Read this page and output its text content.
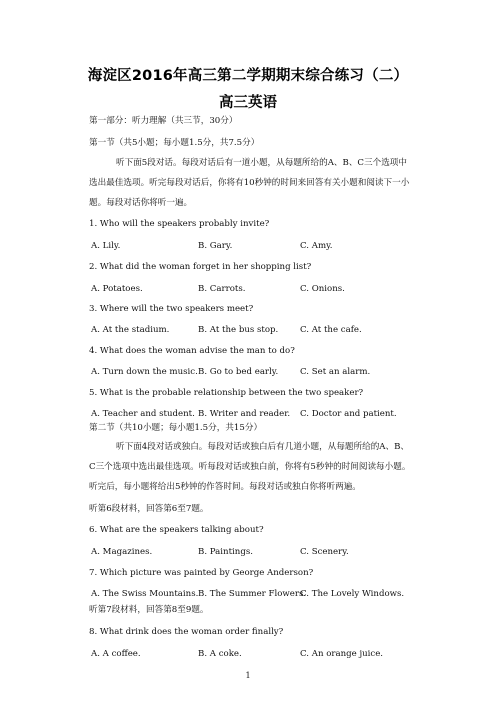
海淀区2016年高三第二学期期末综合练习（二）
高三英语
第一部分：听力理解（共三节，30分）
第一节（共5小题；每小题1.5分，共7.5分）
听下面5段对话。每段对话后有一道小题，从每题所给的A、B、C三个选项中选出最佳选项。听完每段对话后，你将有10秒钟的时间来回答有关小题和阅读下一小题。每段对话你将听一遍。
1. Who will the speakers probably invite?
A. Lily.	B. Gary.	C. Amy.
2. What did the woman forget in her shopping list?
A. Potatoes.	B. Carrots.	C. Onions.
3. Where will the two speakers meet?
A. At the stadium.	B. At the bus stop.	C. At the cafe.
4. What does the woman advise the man to do?
A. Turn down the music. B. Go to bed early.	C. Set an alarm.
5. What is the probable relationship between the two speaker?
A. Teacher and student. B. Writer and reader. C. Doctor and patient.
第二节（共10小题；每小题1.5分，共15分）
听下面4段对话或独白。每段对话或独白后有几道小题，从每题所给的A、B、C三个选项中选出最佳选项。听每段对话或独白前，你将有5秒钟的时间阅读每小题。听完后，每小题将给出5秒钟的作答时间。每段对话或独白你将听两遍。
听第6段材料，回答第6至7题。
6. What are the speakers talking about?
A. Magazines.	B. Paintings.	C. Scenery.
7. Which picture was painted by George Anderson?
A. The Swiss Mountains. B. The Summer Flowers.
C. The Lovely Windows.
听第7段材料，回答第8至9题。
8. What drink does the woman order finally?
A. A coffee.	B. A coke.	C. An orange juice.
1
